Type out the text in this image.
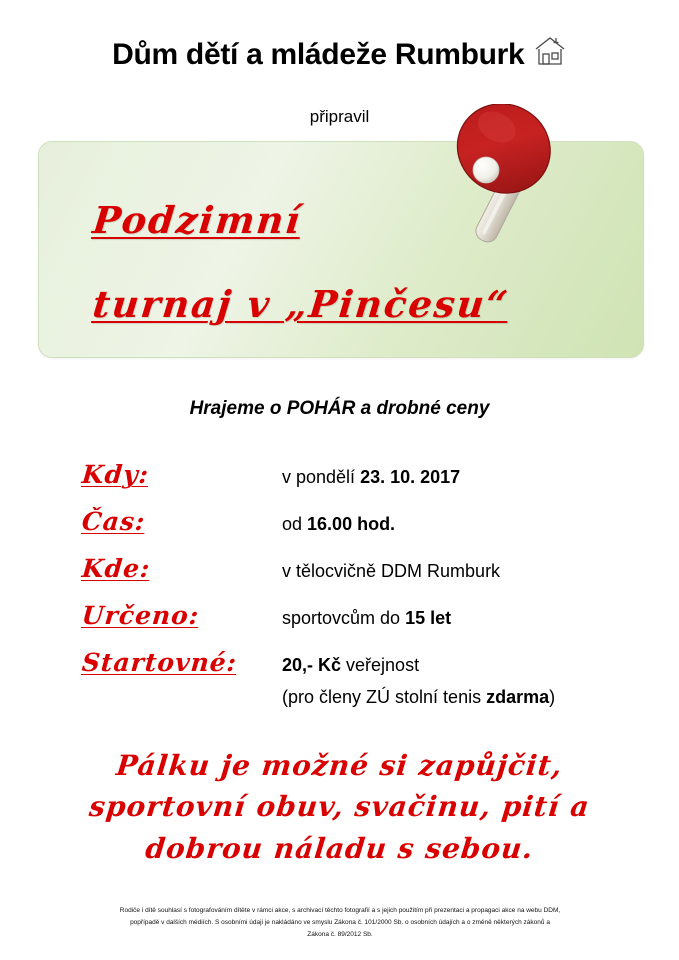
Dům dětí a mládeže Rumburk
připravil
Podzimní
turnaj v „Pinčesu“
Hrajeme o POHÁR a drobné ceny
Kdy:	v pondělí 23. 10. 2017
Čas:	od 16.00 hod.
Kde:	v tělocvičně DDM Rumburk
Určeno:	sportovcům do 15 let
Startovné:	20,- Kč veřejnost
(pro členy ZÚ stolní tenis zdarma)
Pálku je možné si zapůjčit,
sportovní obuv, svačinu, pití a
dobrou náladu s sebou.
Rodiče i dítě souhlasí s fotografováním dítěte v rámci akce, s archivací těchto fotografií a s jejich použitím při prezentaci a propagaci akce na webu DDM,
popřípadě v dalších médiích. S osobními údaji je nakládáno ve smyslu Zákona č. 101/2000 Sb. o osobních údajích a o změně některých zákonů a
Zákona č. 89/2012 Sb.
